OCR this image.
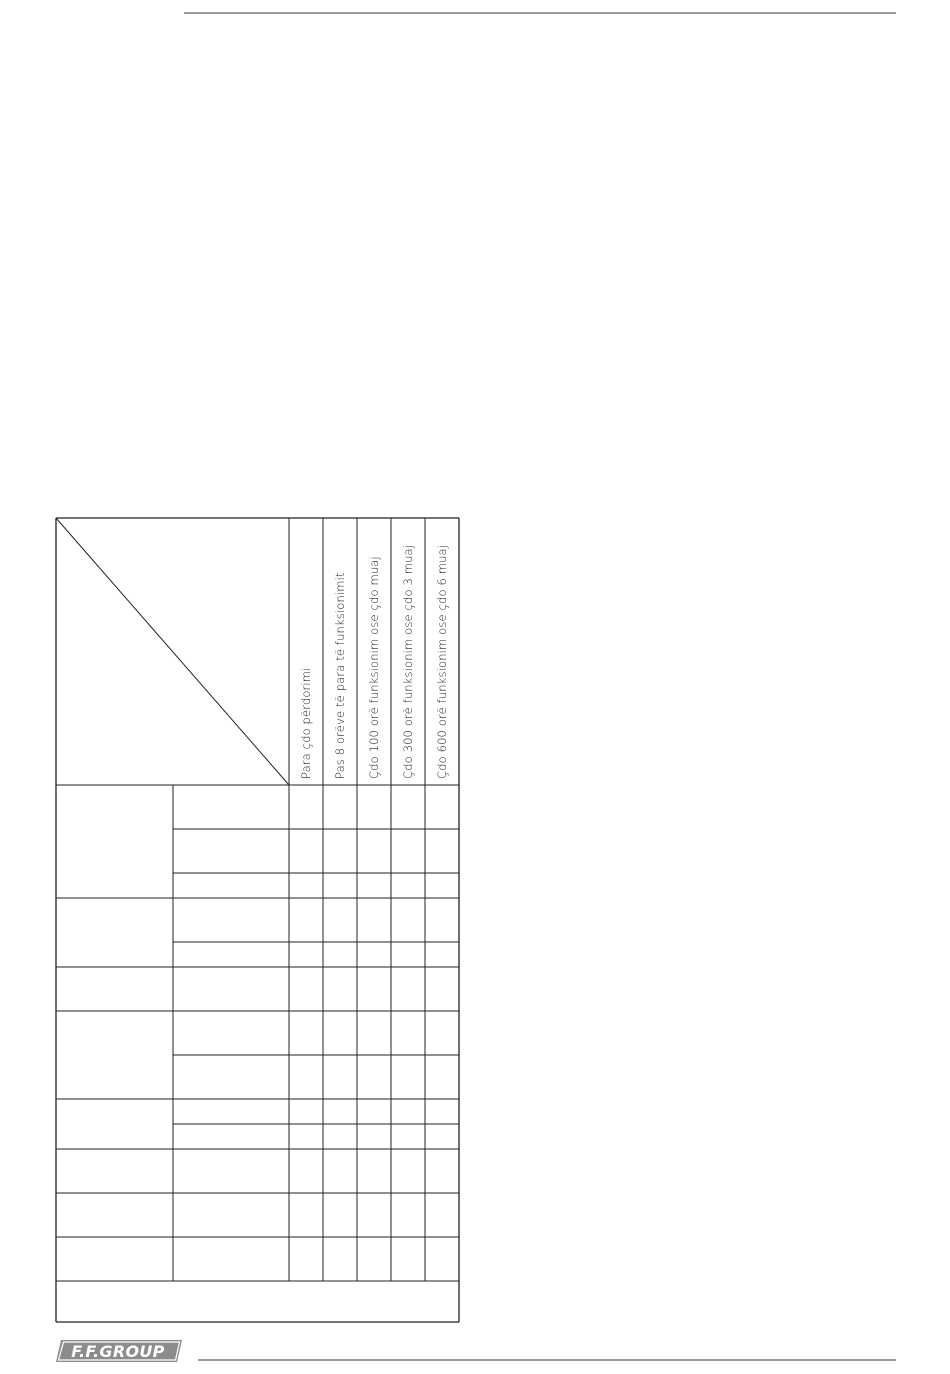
Para çdo përdorimi Pas 8 orëve të para të funksionimit Çdo 100 orë funksionim ose çdo muaj Çdo 300 orë funksionim ose çdo 3 muaj Çdo 600 orë funksionim ose çdo 6 muaj
F.F.GROUP
